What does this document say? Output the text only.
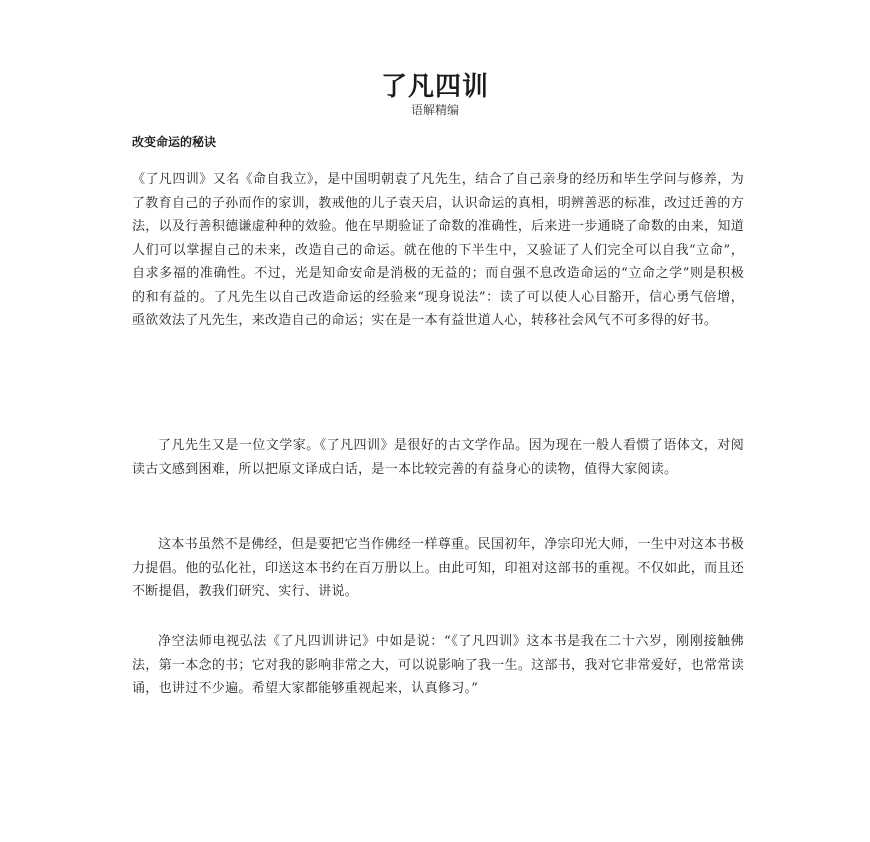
了凡四训
语解精编
改变命运的秘诀
《了凡四训》又名《命自我立》，是中国明朝袁了凡先生，结合了自己亲身的经历和毕生学问与修养，为了教育自己的子孙而作的家训，教戒他的儿子袁天启，认识命运的真相，明辨善恶的标准，改过迁善的方法，以及行善积德谦虚种种的效验。他在早期验证了命数的准确性，后来进一步通晓了命数的由来，知道人们可以掌握自己的未来，改造自己的命运。就在他的下半生中，又验证了人们完全可以自我“立命”，自求多福的准确性。不过，光是知命安命是消极的无益的；而自强不息改造命运的“立命之学”则是积极的和有益的。了凡先生以自己改造命运的经验来“现身说法”：读了可以使人心目豁开，信心勇气倍增，亟欲效法了凡先生，来改造自己的命运；实在是一本有益世道人心，转移社会风气不可多得的好书。
了凡先生又是一位文学家。《了凡四训》是很好的古文学作品。因为现在一般人看惯了语体文，对阅读古文感到困难，所以把原文译成白话，是一本比较完善的有益身心的读物，值得大家阅读。
这本书虽然不是佛经，但是要把它当作佛经一样尊重。民国初年，净宗印光大师，一生中对这本书极力提倡。他的弘化社，印送这本书约在百万册以上。由此可知，印祖对这部书的重视。不仅如此，而且还不断提倡，教我们研究、实行、讲说。
净空法师电视弘法《了凡四训讲记》中如是说：“《了凡四训》这本书是我在二十六岁，刚刚接触佛法，第一本念的书；它对我的影响非常之大，可以说影响了我一生。这部书，我对它非常爱好，也常常读诵，也讲过不少遍。希望大家都能够重视起来，认真修习。”
